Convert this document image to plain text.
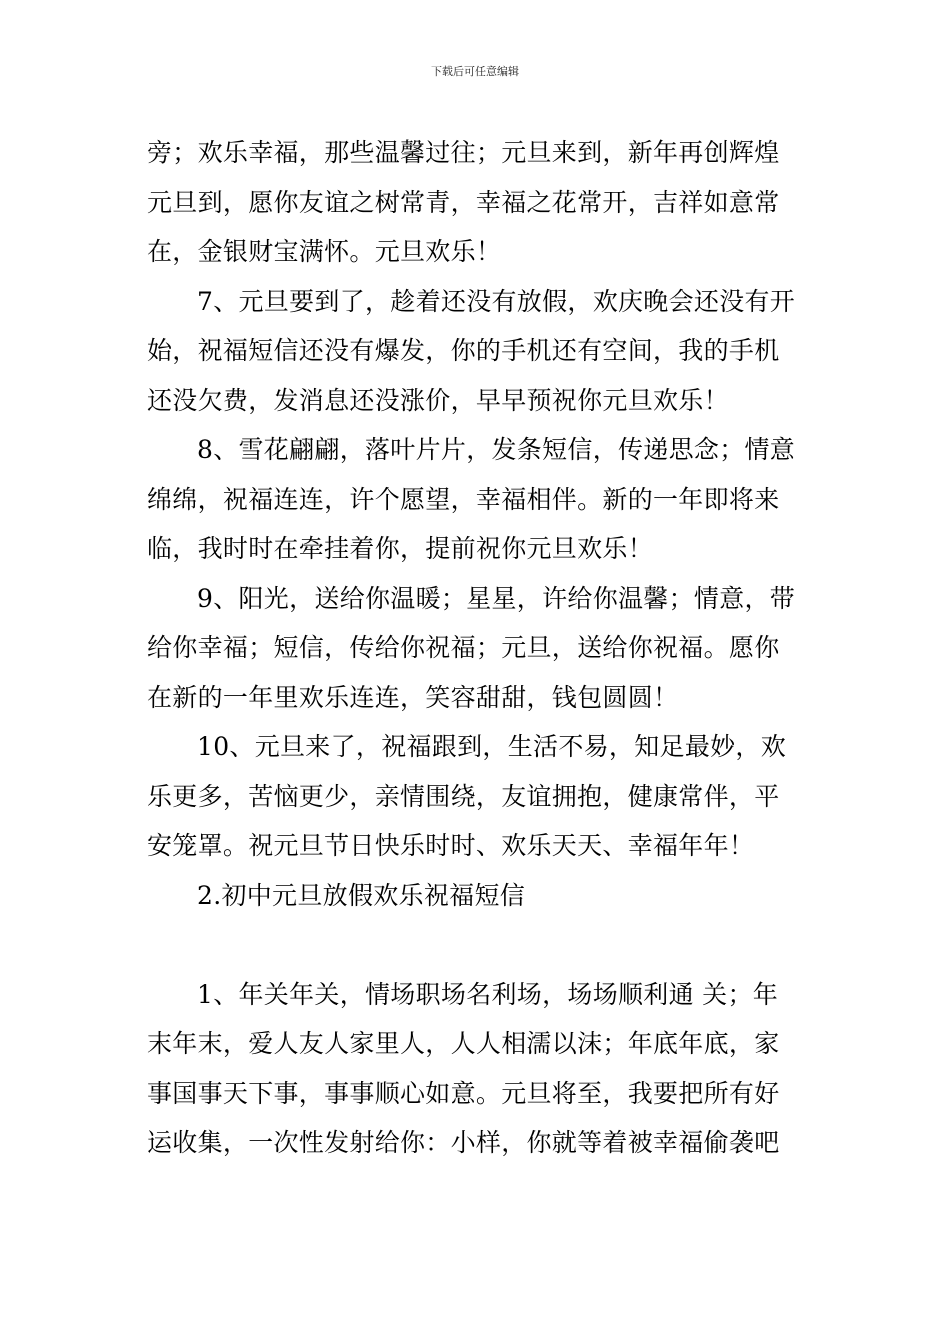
下载后可任意编辑
旁；欢乐幸福，那些温馨过往；元旦来到，新年再创辉煌
元旦到，愿你友谊之树常青，幸福之花常开，吉祥如意常
在，金银财宝满怀。元旦欢乐！
7、元旦要到了，趁着还没有放假，欢庆晚会还没有开
始，祝福短信还没有爆发，你的手机还有空间，我的手机
还没欠费，发消息还没涨价，早早预祝你元旦欢乐！
8、雪花翩翩，落叶片片，发条短信，传递思念；情意
绵绵，祝福连连，许个愿望，幸福相伴。新的一年即将来
临，我时时在牵挂着你，提前祝你元旦欢乐！
9、阳光，送给你温暖；星星，许给你温馨；情意，带
给你幸福；短信，传给你祝福；元旦，送给你祝福。愿你
在新的一年里欢乐连连，笑容甜甜，钱包圆圆！
10、元旦来了，祝福跟到，生活不易，知足最妙，欢
乐更多，苦恼更少，亲情围绕，友谊拥抱，健康常伴，平
安笼罩。祝元旦节日快乐时时、欢乐天天、幸福年年！
2.初中元旦放假欢乐祝福短信
1、年关年关，情场职场名利场，场场顺利通 关；年
末年末，爱人友人家里人，人人相濡以沫；年底年底，家
事国事天下事，事事顺心如意。元旦将至，我要把所有好
运收集，一次性发射给你：小样，你就等着被幸福偷袭吧
